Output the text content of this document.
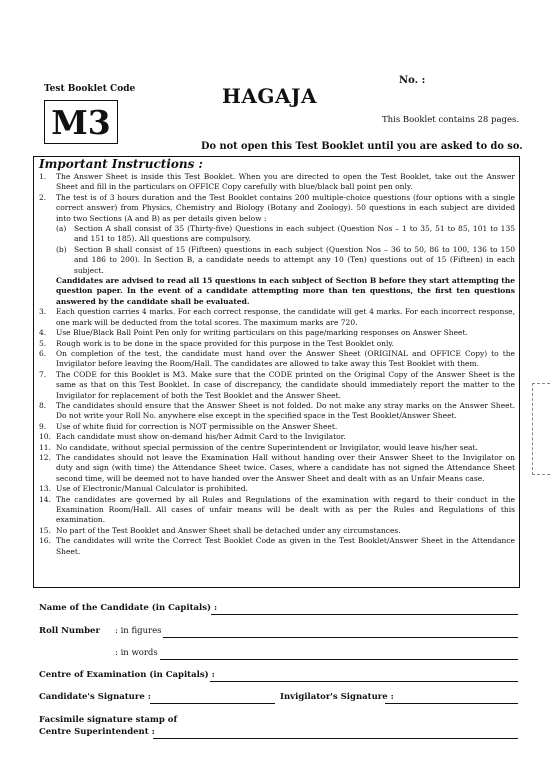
Test Booklet Code
M3
HAGAJA
No. :
This Booklet contains 28 pages.
Do not open this Test Booklet until you are asked to do so.
Important Instructions :
1.	The Answer Sheet is inside this Test Booklet. When you are directed to open the Test Booklet, take out the Answer Sheet and fill in the particulars on OFFICE Copy carefully with blue/black ball point pen only.
2.	The test is of 3 hours duration and the Test Booklet contains 200 multiple-choice questions (four options with a single correct answer) from Physics, Chemistry and Biology (Botany and Zoology). 50 questions in each subject are divided into two Sections (A and B) as per details given below :
(a)	Section A shall consist of 35 (Thirty-five) Questions in each subject (Question Nos – 1 to 35, 51 to 85, 101 to 135 and 151 to 185). All questions are compulsory.
(b) Section B shall consist of 15 (Fifteen) questions in each subject (Question Nos – 36 to 50, 86 to 100, 136 to 150 and 186 to 200). In Section B, a candidate needs to attempt any 10 (Ten) questions out of 15 (Fifteen) in each subject.
Candidates are advised to read all 15 questions in each subject of Section B before they start attempting the question paper. In the event of a candidate attempting more than ten questions, the first ten questions answered by the candidate shall be evaluated.
3.	Each question carries 4 marks. For each correct response, the candidate will get 4 marks. For each incorrect response, one mark will be deducted from the total scores. The maximum marks are 720.
4.	Use Blue/Black Ball Point Pen only for writing particulars on this page/marking responses on Answer Sheet.
5.	Rough work is to be done in the space provided for this purpose in the Test Booklet only.
6.	On completion of the test, the candidate must hand over the Answer Sheet (ORIGINAL and OFFICE Copy) to the Invigilator before leaving the Room/Hall. The candidates are allowed to take away this Test Booklet with them.
7.	The CODE for this Booklet is M3. Make sure that the CODE printed on the Original Copy of the Answer Sheet is the same as that on this Test Booklet. In case of discrepancy, the candidate should immediately report the matter to the Invigilator for replacement of both the Test Booklet and the Answer Sheet.
8.	The candidates should ensure that the Answer Sheet is not folded. Do not make any stray marks on the Answer Sheet. Do not write your Roll No. anywhere else except in the specified space in the Test Booklet/Answer Sheet.
9.	Use of white fluid for correction is NOT permissible on the Answer Sheet.
10. Each candidate must show on-demand his/her Admit Card to the Invigilator.
11. No candidate, without special permission of the centre Superintendent or Invigilator, would leave his/her seat.
12. The candidates should not leave the Examination Hall without handing over their Answer Sheet to the Invigilator on duty and sign (with time) the Attendance Sheet twice. Cases, where a candidate has not signed the Attendance Sheet second time, will be deemed not to have handed over the Answer Sheet and dealt with as an Unfair Means case.
13. Use of Electronic/Manual Calculator is prohibited.
14. The candidates are governed by all Rules and Regulations of the examination with regard to their conduct in the Examination Room/Hall. All cases of unfair means will be dealt with as per the Rules and Regulations of this examination.
15. No part of the Test Booklet and Answer Sheet shall be detached under any circumstances.
16. The candidates will write the Correct Test Booklet Code as given in the Test Booklet/Answer Sheet in the Attendance Sheet.
Name of the Candidate (in Capitals) :
Roll Number : in figures
: in words
Centre of Examination (in Capitals) :
Candidate's Signature :	Invigilator's Signature :
Facsimile signature stamp of
Centre Superintendent :
